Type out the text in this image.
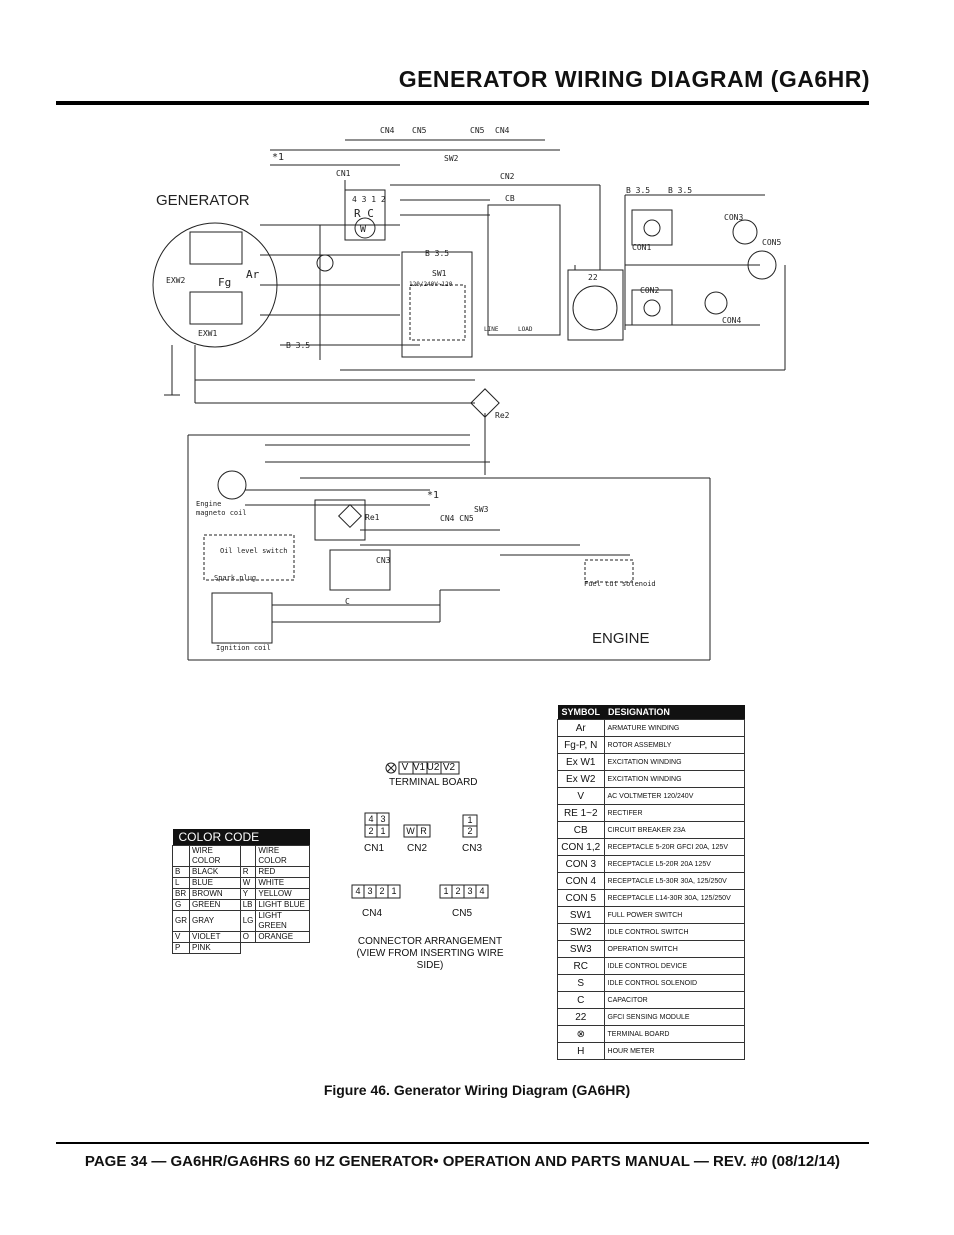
GENERATOR WIRING DIAGRAM (GA6HR)
GENERATOR
ENGINE
CN4 CN5	CN5 CN4
CN1
SW2
CN2
CB
4 3 1 2
R C
W
SW1
120/240V~120
LINE	LOAD
22
CON1
CON2
CON3
CON5
CON4
B 3.5 B 3.5
B 3.5
B 3.5
EXW2
EXW1
Fg
Ar
Re2
Re1
SW3
CN4 CN5
CN3
*1
*1
Engine
magneto coil
Oil level switch
Spark plug
Ignition coil
Fuel cut solenoid
C
V V1U2 V2
TERMINAL BOARD
4 32 1
CN1
W R
CN2
1
2
CN3
4 3 2 1
CN4
1 2 3 4
CN5
CONNECTOR ARRANGEMENT
(VIEW FROM INSERTING WIRE SIDE)
COLOR CODE			
	WIRE COLOR		WIRE COLOR
B	BLACK	R	RED
L	BLUE	W	WHITE
BR	BROWN	Y	YELLOW
G	GREEN	LB	LIGHT BLUE
GR	GRAY	LG	LIGHT GREEN
V	VIOLET	O	ORANGE
P	PINK		
SYMBOL	DESIGNATION
Ar	ARMATURE WINDING
Fg-P, N	ROTOR ASSEMBLY
Ex W1	EXCITATION WINDING
Ex W2	EXCITATION WINDING
V	AC VOLTMETER 120/240V
RE 1~2	RECTIFER
CB	CIRCUIT BREAKER 23A
CON 1,2	RECEPTACLE 5-20R GFCI 20A, 125V
CON 3	RECEPTACLE L5-20R 20A 125V
CON 4	RECEPTACLE L5-30R 30A, 125/250V
CON 5	RECEPTACLE L14-30R 30A, 125/250V
SW1	FULL POWER SWITCH
SW2	IDLE CONTROL SWITCH
SW3	OPERATION SWITCH
RC	IDLE CONTROL DEVICE
S	IDLE CONTROL SOLENOID
C	CAPACITOR
22	GFCI SENSING MODULE
⊗	TERMINAL BOARD
H	HOUR METER
Figure 46. Generator Wiring Diagram (GA6HR)
PAGE 34 — GA6HR/GA6HRS 60 HZ GENERATOR• OPERATION AND PARTS MANUAL — REV. #0 (08/12/14)
